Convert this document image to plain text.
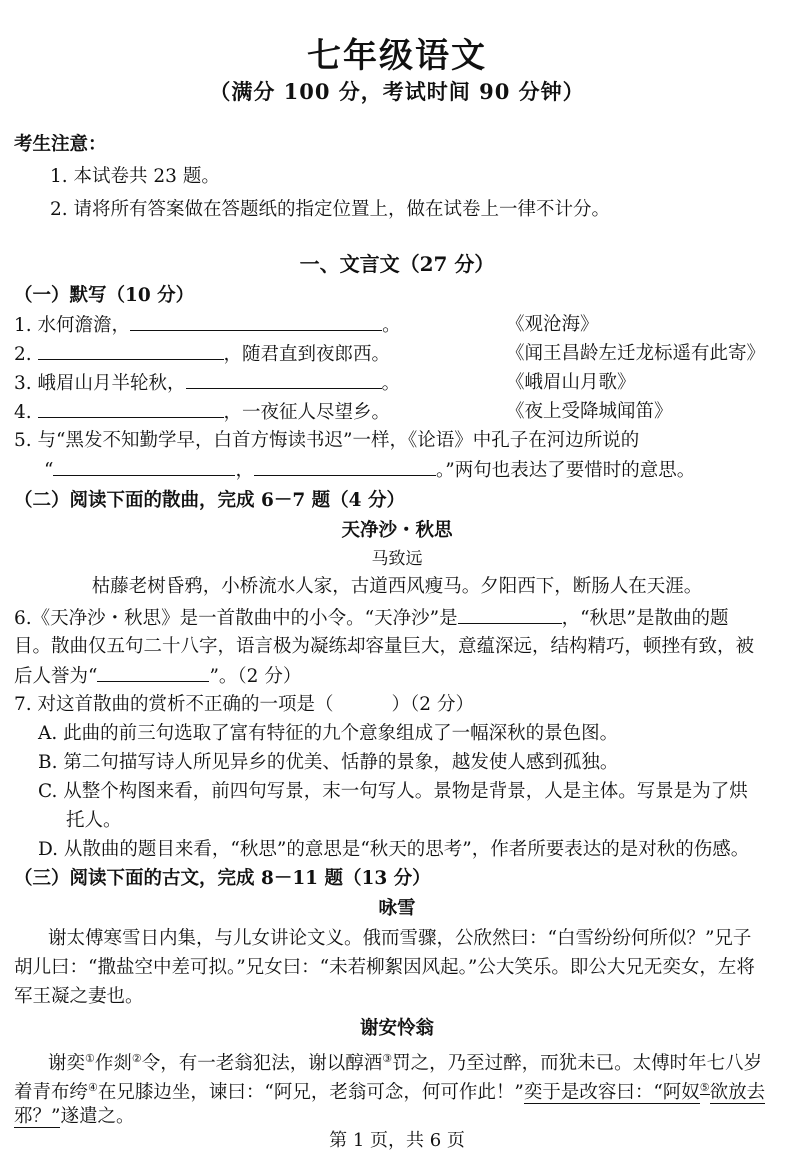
七年级语文
（满分 100 分，考试时间 90 分钟）
考生注意：
1. 本试卷共 23 题。
2. 请将所有答案做在答题纸的指定位置上，做在试卷上一律不计分。
一、文言文（27 分）
（一）默写（10 分）
1. 水何澹澹，	。	《观沧海》
2.	，随君直到夜郎西。	《闻王昌龄左迁龙标遥有此寄》
3. 峨眉山月半轮秋，	。	《峨眉山月歌》
4.	，一夜征人尽望乡。	《夜上受降城闻笛》
5. 与“黑发不知勤学早，白首方悔读书迟”一样，《论语》中孔子在河边所说的
“	，	。”两句也表达了要惜时的意思。
（二）阅读下面的散曲，完成 6－7 题（4 分）
天净沙・秋思
马致远
枯藤老树昏鸦，小桥流水人家，古道西风瘦马。夕阳西下，断肠人在天涯。
6.《天净沙・秋思》是一首散曲中的小令。“天净沙”是	，“秋思”是散曲的题
目。散曲仅五句二十八字，语言极为凝练却容量巨大，意蕴深远，结构精巧，顿挫有致，被
后人誉为“	”。（2 分）
7. 对这首散曲的赏析不正确的一项是（	）（2 分）
A. 此曲的前三句选取了富有特征的九个意象组成了一幅深秋的景色图。
B. 第二句描写诗人所见异乡的优美、恬静的景象，越发使人感到孤独。
C. 从整个构图来看，前四句写景，末一句写人。景物是背景，人是主体。写景是为了烘
托人。
D. 从散曲的题目来看，“秋思”的意思是“秋天的思考”，作者所要表达的是对秋的伤感。
（三）阅读下面的古文，完成 8－11 题（13 分）
咏雪
谢太傅寒雪日内集，与儿女讲论文义。俄而雪骤，公欣然曰：“白雪纷纷何所似？”兄子
胡儿曰：“撒盐空中差可拟。”兄女曰：“未若柳絮因风起。”公大笑乐。即公大兄无奕女，左将
军王凝之妻也。
谢安怜翁
谢奕①作剡②令，有一老翁犯法，谢以醇酒③罚之，乃至过醉，而犹未已。太傅时年七八岁
着青布绔④在兄膝边坐，谏曰：“阿兄，老翁可念，何可作此！”奕于是改容曰：“阿奴⑤欲放去
邪？”遂遣之。
第 1 页，共 6 页
